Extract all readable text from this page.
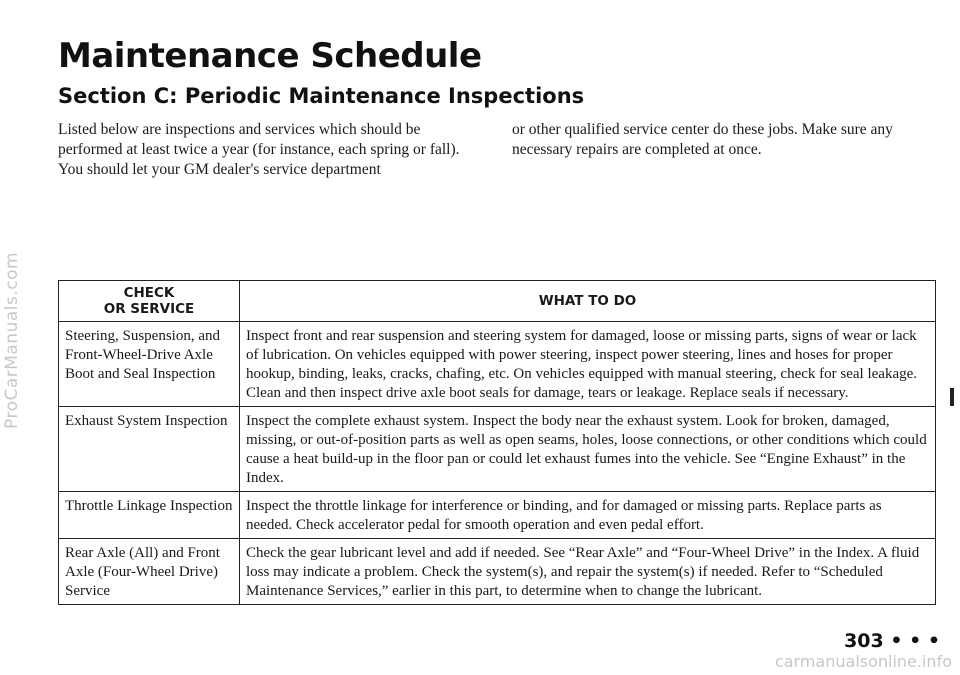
ProCarManuals.com
Maintenance Schedule
Section C: Periodic Maintenance Inspections

Listed below are inspections and services which should be performed at least twice a year (for instance, each spring or fall). You should let your GM dealer's service department

or other qualified service center do these jobs. Make sure any necessary repairs are completed at once.

CHECK
OR SERVICE	WHAT TO DO
Steering, Suspension, and Front-Wheel-Drive Axle Boot and Seal Inspection	Inspect front and rear suspension and steering system for damaged, loose or missing parts, signs of wear or lack of lubrication. On vehicles equipped with power steering, inspect power steering, lines and hoses for proper hookup, binding, leaks, cracks, chafing, etc. On vehicles equipped with manual steering, check for seal leakage. Clean and then inspect drive axle boot seals for damage, tears or leakage. Replace seals if necessary.
Exhaust System Inspection	Inspect the complete exhaust system. Inspect the body near the exhaust system. Look for broken, damaged, missing, or out-of-position parts as well as open seams, holes, loose connections, or other conditions which could cause a heat build-up in the floor pan or could let exhaust fumes into the vehicle. See “Engine Exhaust” in the Index.
Throttle Linkage Inspection	Inspect the throttle linkage for interference or binding, and for damaged or missing parts. Replace parts as needed. Check accelerator pedal for smooth operation and even pedal effort.
Rear Axle (All) and Front Axle (Four-Wheel Drive) Service	Check the gear lubricant level and add if needed. See “Rear Axle” and “Four-Wheel Drive” in the Index. A fluid loss may indicate a problem. Check the system(s), and repair the system(s) if needed. Refer to “Scheduled Maintenance Services,” earlier in this part, to determine when to change the lubricant.
303 • • •
carmanualsonline.info
